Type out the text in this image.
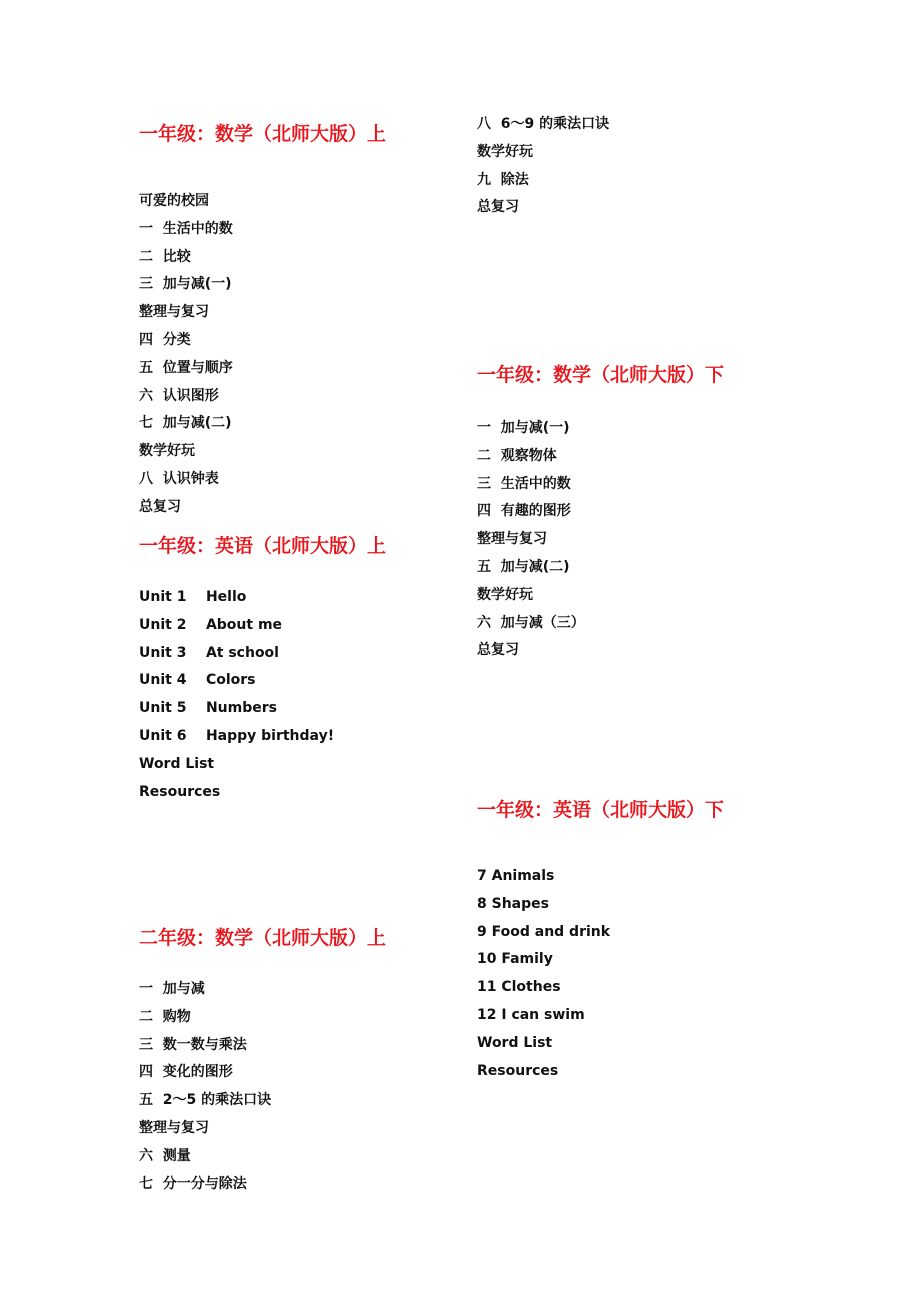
一年级：数学（北师大版）上
可爱的校园
一  生活中的数
二  比较
三  加与减(一)
整理与复习
四  分类
五  位置与顺序
六  认识图形
七  加与减(二)
数学好玩
八  认识钟表
总复习
一年级：英语（北师大版）上
Unit 1    Hello
Unit 2    About me
Unit 3    At school
Unit 4    Colors
Unit 5    Numbers
Unit 6    Happy birthday!
Word List
Resources
二年级：数学（北师大版）上
一  加与减
二  购物
三  数一数与乘法
四  变化的图形
五  2～5 的乘法口诀
整理与复习
六  测量
七  分一分与除法
八  6～9 的乘法口诀
数学好玩
九  除法
总复习
一年级：数学（北师大版）下
一  加与减(一)
二  观察物体
三  生活中的数
四  有趣的图形
整理与复习
五  加与减(二)
数学好玩
六  加与减（三）
总复习
一年级：英语（北师大版）下
7 Animals
8 Shapes
9 Food and drink
10 Family
11 Clothes
12 I can swim
Word List
Resources
